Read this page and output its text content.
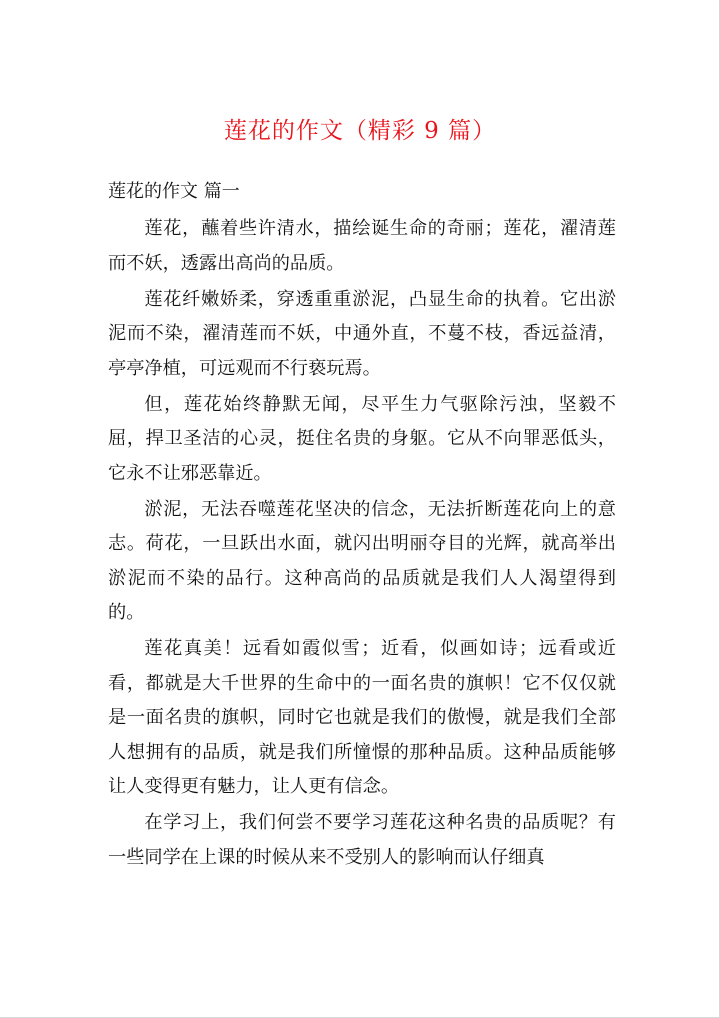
莲花的作文（精彩 9 篇）
莲花的作文 篇一

莲花，蘸着些许清水，描绘诞生命的奇丽；莲花，濯清莲而不妖，透露出高尚的品质。

莲花纤嫩娇柔，穿透重重淤泥，凸显生命的执着。它出淤泥而不染，濯清莲而不妖，中通外直，不蔓不枝，香远益清，亭亭净植，可远观而不行亵玩焉。

但，莲花始终静默无闻，尽平生力气驱除污浊，坚毅不屈，捍卫圣洁的心灵，挺住名贵的身躯。它从不向罪恶低头，它永不让邪恶靠近。

淤泥，无法吞噬莲花坚决的信念，无法折断莲花向上的意志。荷花，一旦跃出水面，就闪出明丽夺目的光辉，就高举出淤泥而不染的品行。这种高尚的品质就是我们人人渴望得到的。

莲花真美！远看如霞似雪；近看，似画如诗；远看或近看，都就是大千世界的生命中的一面名贵的旗帜！它不仅仅就是一面名贵的旗帜，同时它也就是我们的傲慢，就是我们全部人想拥有的品质，就是我们所憧憬的那种品质。这种品质能够让人变得更有魅力，让人更有信念。

在学习上，我们何尝不要学习莲花这种名贵的品质呢？有一些同学在上课的时候从来不受别人的影响而认仔细真
